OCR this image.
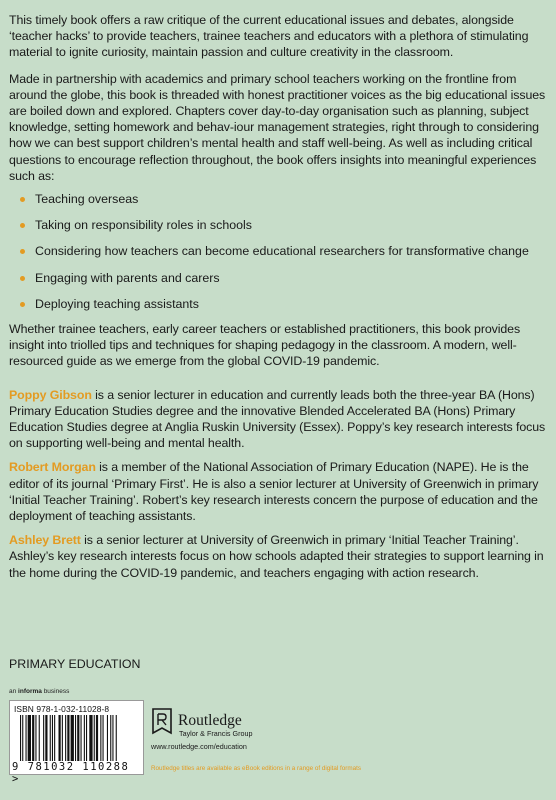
This timely book offers a raw critique of the current educational issues and debates, alongside ‘teacher hacks’ to provide teachers, trainee teachers and educators with a plethora of stimulating material to ignite curiosity, maintain passion and culture creativity in the classroom.

Made in partnership with academics and primary school teachers working on the frontline from around the globe, this book is threaded with honest practitioner voices as the big educational issues are boiled down and explored. Chapters cover day-to-day organisation such as planning, subject knowledge, setting homework and behav-iour management strategies, right through to considering how we can best support children’s mental health and staff well-being. As well as including critical questions to encourage reflection throughout, the book offers insights into meaningful experiences such as:

Teaching overseas
Taking on responsibility roles in schools
Considering how teachers can become educational researchers for transformative change
Engaging with parents and carers
Deploying teaching assistants

Whether trainee teachers, early career teachers or established practitioners, this book provides insight into triolled tips and techniques for shaping pedagogy in the classroom. A modern, well-resourced guide as we emerge from the global COVID-19 pandemic.

Poppy Gibson is a senior lecturer in education and currently leads both the three-year BA (Hons) Primary Education Studies degree and the innovative Blended Accelerated BA (Hons) Primary Education Studies degree at Anglia Ruskin University (Essex). Poppy’s key research interests focus on supporting well-being and mental health.

Robert Morgan is a member of the National Association of Primary Education (NAPE). He is the editor of its journal ‘Primary First’. He is also a senior lecturer at University of Greenwich in primary ‘Initial Teacher Training’. Robert’s key research interests concern the purpose of education and the deployment of teaching assistants.

Ashley Brett is a senior lecturer at University of Greenwich in primary ‘Initial Teacher Training’. Ashley’s key research interests focus on how schools adapted their strategies to support learning in the home during the COVID-19 pandemic, and teachers engaging with action research.

PRIMARY EDUCATION
an informa business
ISBN 978-1-032-11028-8
9 781032 110288 >
Routledge
Taylor & Francis Group
www.routledge.com/education
Routledge titles are available as eBook editions in a range of digital formats
